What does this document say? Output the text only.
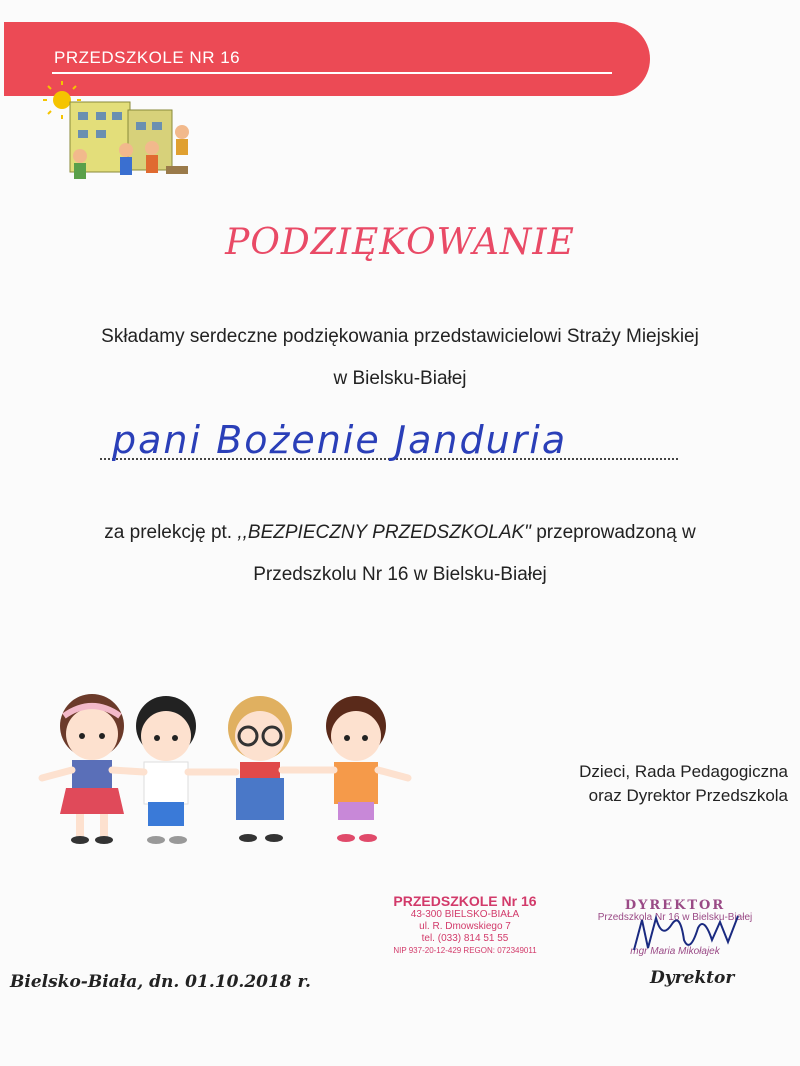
PRZEDSZKOLE NR 16
PODZIĘKOWANIE
Składamy serdeczne podziękowania przedstawicielowi Straży Miejskiej
w Bielsku-Białej
pani Bożenie Janduria
za prelekcję pt. ,,BEZPIECZNY PRZEDSZKOLAK" przeprowadzoną w
Przedszkolu Nr 16 w Bielsku-Białej
Dzieci, Rada Pedagogiczna
oraz Dyrektor Przedszkola
PRZEDSZKOLE Nr 16
43-300 BIELSKO-BIAŁA
ul. R. Dmowskiego 7
tel. (033) 814 51 55
NIP 937-20-12-429 REGON: 072349011
DYREKTOR
Przedszkola Nr 16 w Bielsku-Białej
mgr Maria Mikołajek
Dyrektor
Bielsko-Biała, dn. 01.10.2018 r.
